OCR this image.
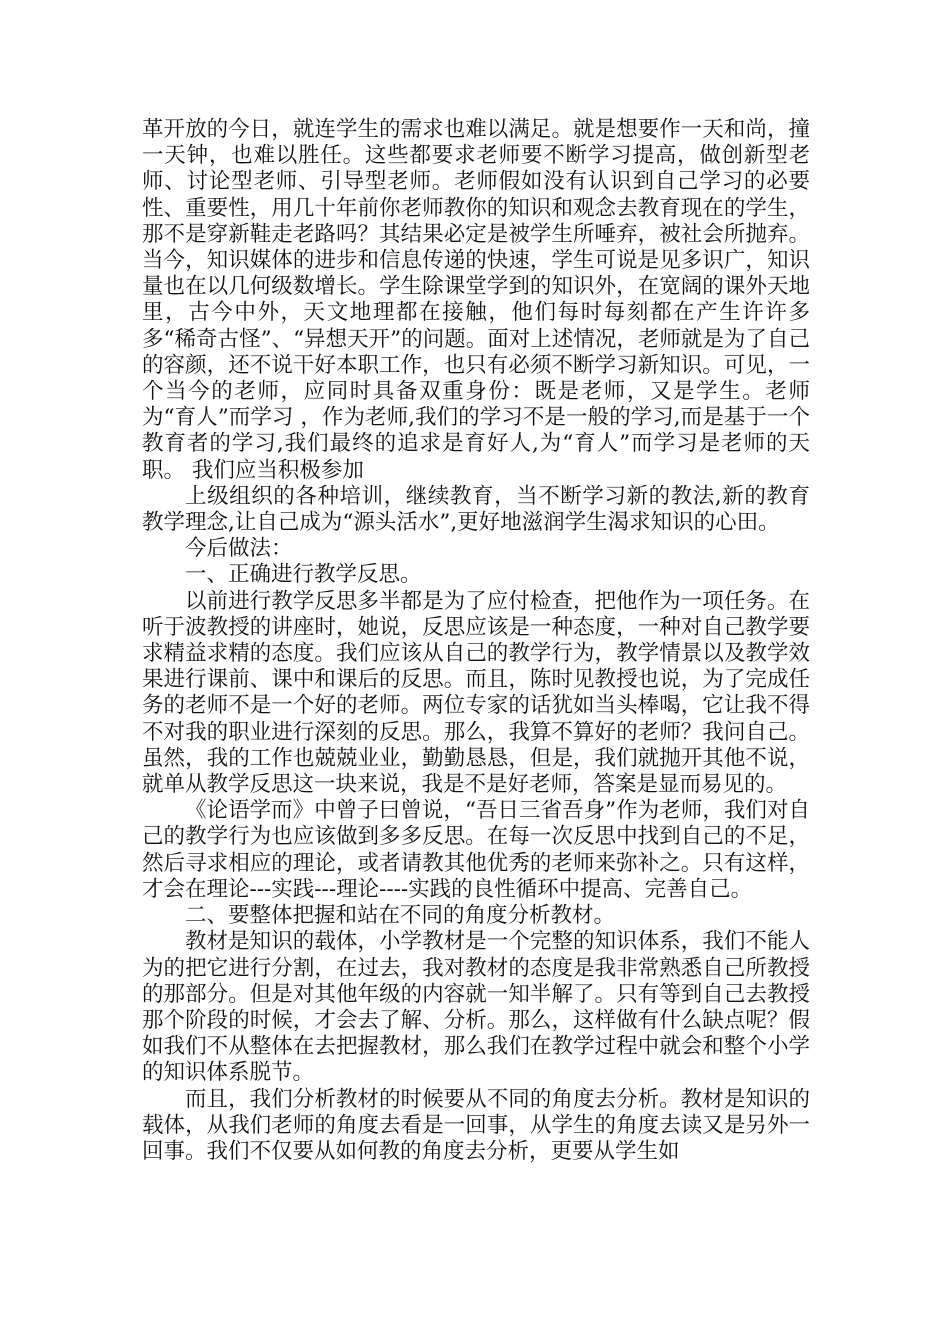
革开放的今日，就连学生的需求也难以满足。就是想要作一天和尚，撞一天钟，也难以胜任。这些都要求老师要不断学习提高，做创新型老师、讨论型老师、引导型老师。老师假如没有认识到自己学习的必要性、重要性，用几十年前你老师教你的知识和观念去教育现在的学生，那不是穿新鞋走老路吗？其结果必定是被学生所唾弃，被社会所抛弃。当今，知识媒体的进步和信息传递的快速，学生可说是见多识广，知识量也在以几何级数增长。学生除课堂学到的知识外，在宽阔的课外天地里，古今中外，天文地理都在接触，他们每时每刻都在产生许许多多“稀奇古怪”、“异想天开”的问题。面对上述情况，老师就是为了自己的容颜，还不说干好本职工作，也只有必须不断学习新知识。可见，一个当今的老师，应同时具备双重身份：既是老师，又是学生。老师为“育人”而学习 ，作为老师,我们的学习不是一般的学习,而是基于一个教育者的学习,我们最终的追求是育好人,为“育人”而学习是老师的天职。 我们应当积极参加

上级组织的各种培训，继续教育，当不断学习新的教法,新的教育教学理念,让自己成为“源头活水”,更好地滋润学生渴求知识的心田。

今后做法：

一、正确进行教学反思。

以前进行教学反思多半都是为了应付检查，把他作为一项任务。在听于波教授的讲座时，她说，反思应该是一种态度，一种对自己教学要求精益求精的态度。我们应该从自己的教学行为，教学情景以及教学效果进行课前、课中和课后的反思。而且，陈时见教授也说，为了完成任务的老师不是一个好的老师。两位专家的话犹如当头棒喝，它让我不得不对我的职业进行深刻的反思。那么，我算不算好的老师？我问自己。虽然，我的工作也兢兢业业，勤勤恳恳，但是，我们就抛开其他不说，就单从教学反思这一块来说，我是不是好老师，答案是显而易见的。

《论语学而》中曾子曰曾说，“吾日三省吾身”作为老师，我们对自己的教学行为也应该做到多多反思。在每一次反思中找到自己的不足，然后寻求相应的理论，或者请教其他优秀的老师来弥补之。只有这样，才会在理论---实践---理论----实践的良性循环中提高、完善自己。

二、要整体把握和站在不同的角度分析教材。

教材是知识的载体，小学教材是一个完整的知识体系，我们不能人为的把它进行分割，在过去，我对教材的态度是我非常熟悉自己所教授的那部分。但是对其他年级的内容就一知半解了。只有等到自己去教授那个阶段的时候，才会去了解、分析。那么，这样做有什么缺点呢？假如我们不从整体在去把握教材，那么我们在教学过程中就会和整个小学的知识体系脱节。

而且，我们分析教材的时候要从不同的角度去分析。教材是知识的载体，从我们老师的角度去看是一回事，从学生的角度去读又是另外一回事。我们不仅要从如何教的角度去分析，更要从学生如
